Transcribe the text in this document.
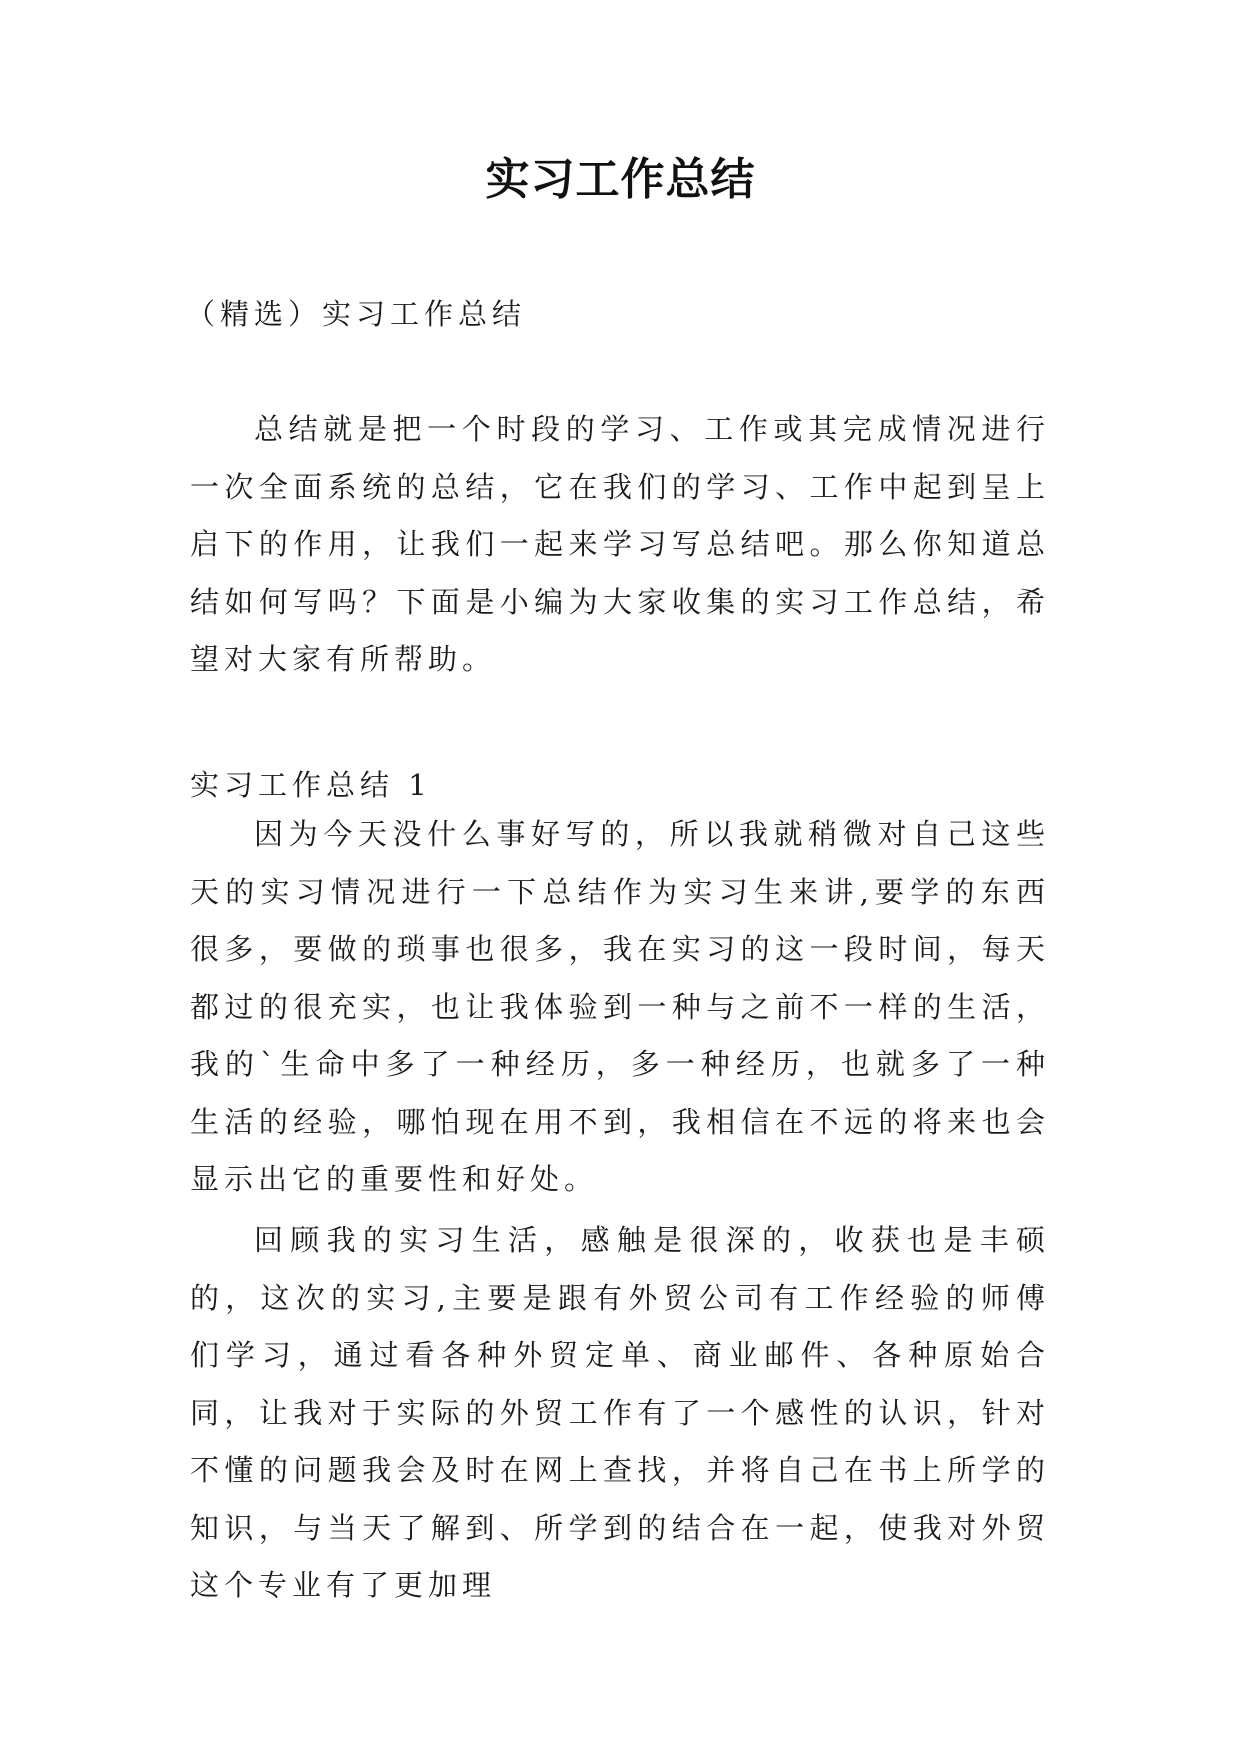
实习工作总结
（精选）实习工作总结

总结就是把一个时段的学习、工作或其完成情况进行一次全面系统的总结，它在我们的学习、工作中起到呈上启下的作用，让我们一起来学习写总结吧。那么你知道总结如何写吗？下面是小编为大家收集的实习工作总结，希望对大家有所帮助。

实习工作总结 1

因为今天没什么事好写的，所以我就稍微对自己这些天的实习情况进行一下总结作为实习生来讲,要学的东西很多，要做的琐事也很多，我在实习的这一段时间，每天都过的很充实，也让我体验到一种与之前不一样的生活，我的`生命中多了一种经历，多一种经历，也就多了一种生活的经验，哪怕现在用不到，我相信在不远的将来也会显示出它的重要性和好处。

回顾我的实习生活，感触是很深的，收获也是丰硕的，这次的实习,主要是跟有外贸公司有工作经验的师傅们学习，通过看各种外贸定单、商业邮件、各种原始合同，让我对于实际的外贸工作有了一个感性的认识，针对不懂的问题我会及时在网上查找，并将自己在书上所学的知识，与当天了解到、所学到的结合在一起，使我对外贸这个专业有了更加理
